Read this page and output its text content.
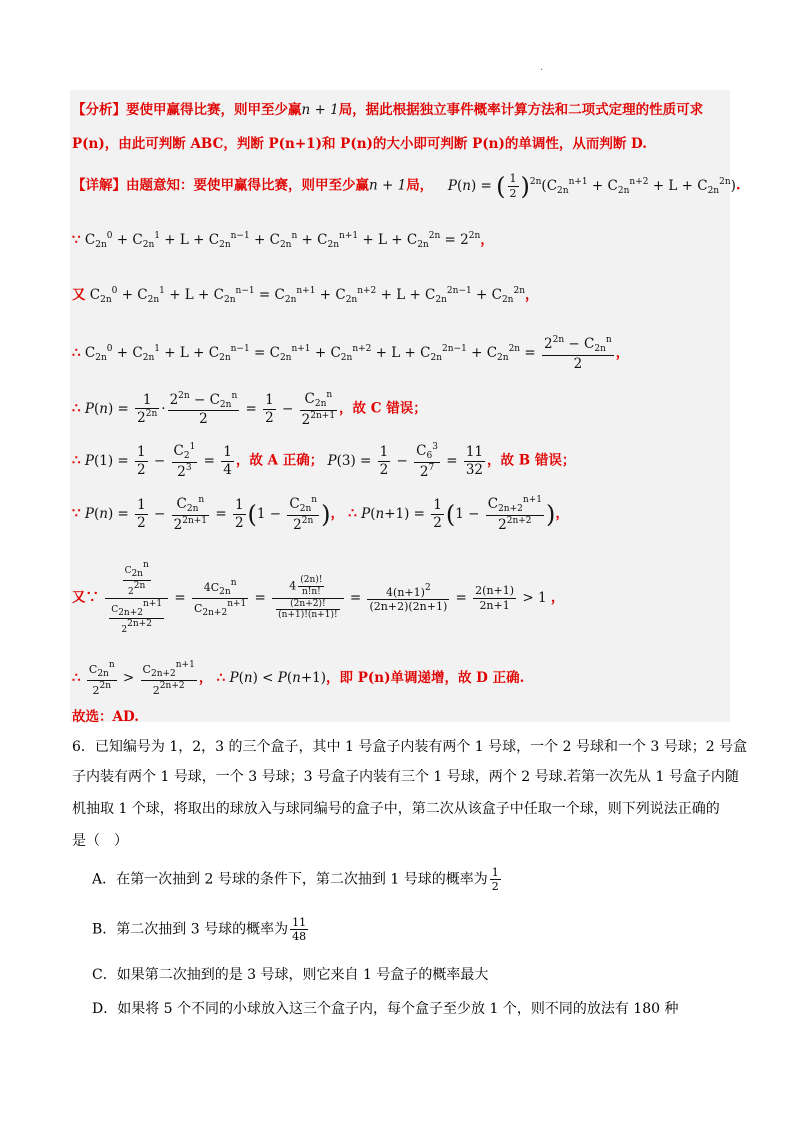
.
【分析】要使甲赢得比赛，则甲至少赢n + 1局，据此根据独立事件概率计算方法和二项式定理的性质可求
P(n)，由此可判断 ABC，判断 P(n+1)和 P(n)的大小即可判断 P(n)的单调性，从而判断 D.
【详解】由题意知：要使甲赢得比赛，则甲至少赢n + 1局， P(n) = ( $\frac{1}{2} )^{2n}(C_{2n}^{n+1} + C_{2n}^{n+2} + L + C_{2n}^{2n})$.
∵ $C_{2n}^0 + C_{2n}^1 + L + C_{2n}^{n-1} + C_{2n}^n + C_{2n}^{n+1} + L + C_{2n}^{2n} = 2^{2n}$，
又 $C_{2n}^0 + C_{2n}^1 + L + C_{2n}^{n-1} = C_{2n}^{n+1} + C_{2n}^{n+2} + L + C_{2n}^{2n-1} + C_{2n}^{2n}$，
∴ $C_{2n}^0 + C_{2n}^1 + L + C_{2n}^{n-1} = C_{2n}^{n+1} + C_{2n}^{n+2} + L + C_{2n}^{2n-1} + C_{2n}^{2n} = \frac{2^{2n} - C_{2n}^n}{2}$ ，
∴ $P(n) = \frac{1}{2^{2n}} \cdot \frac{2^{2n} - C_{2n}^n}{2} = \frac{1}{2} - \frac{C_{2n}^n}{2^{2n+1}}$ ，故 C 错误；
∴ $P(1) = \frac{1}{2} - \frac{C_2^1}{2^3} = \frac{1}{4}$ ，故 A 正确； $P(3) = \frac{1}{2} - \frac{C_6^3}{2^7} = \frac{11}{32}$ ，故 B 错误；
∵ $P(n) = \frac{1}{2} - \frac{C_{2n}^n}{2^{2n+1}} = \frac{1}{2} (1 - \frac{C_{2n}^n}{2^{2n}}$ )， ∴ $P(n+1) = \frac{1}{2} (1 - \frac{C_{2n+2}^{n+1}}{2^{2n+2}}$ )，
又∵ $\frac{\frac{C2nn}{22n}}{\frac{C2n+2n+1}{22n+2}} = \frac{4C_{2n}^n}{C_{2n+2}^{n+1}} = \frac{4 \frac{(2n)!}{n!n!}}{\frac{(2n+2)!}{(n+1)!(n+1)!}} = \frac{4(n+1)^2}{(2n+2)(2n+1)} = \frac{2(n+1)}{2n+1} > 1$ ，
∴ $\frac{C_{2n}^n}{2^{2n}} > \frac{C_{2n+2}^{n+1}}{2^{2n+2}}$ ， ∴ P(n) < P(n+1)，即 P(n)单调递增，故 D 正确.
故选：AD.
6．已知编号为 1，2，3 的三个盒子，其中 1 号盒子内装有两个 1 号球，一个 2 号球和一个 3 号球；2 号盒
子内装有两个 1 号球，一个 3 号球；3 号盒子内装有三个 1 号球，两个 2 号球.若第一次先从 1 号盒子内随
机抽取 1 个球，将取出的球放入与球同编号的盒子中，第二次从该盒子中任取一个球，则下列说法正确的
是（　）
A．在第一次抽到 2 号球的条件下，第二次抽到 1 号球的概率为 $\frac{1}{2}$
B．第二次抽到 3 号球的概率为 $\frac{11}{48}$
C．如果第二次抽到的是 3 号球，则它来自 1 号盒子的概率最大
D．如果将 5 个不同的小球放入这三个盒子内，每个盒子至少放 1 个，则不同的放法有 180 种
